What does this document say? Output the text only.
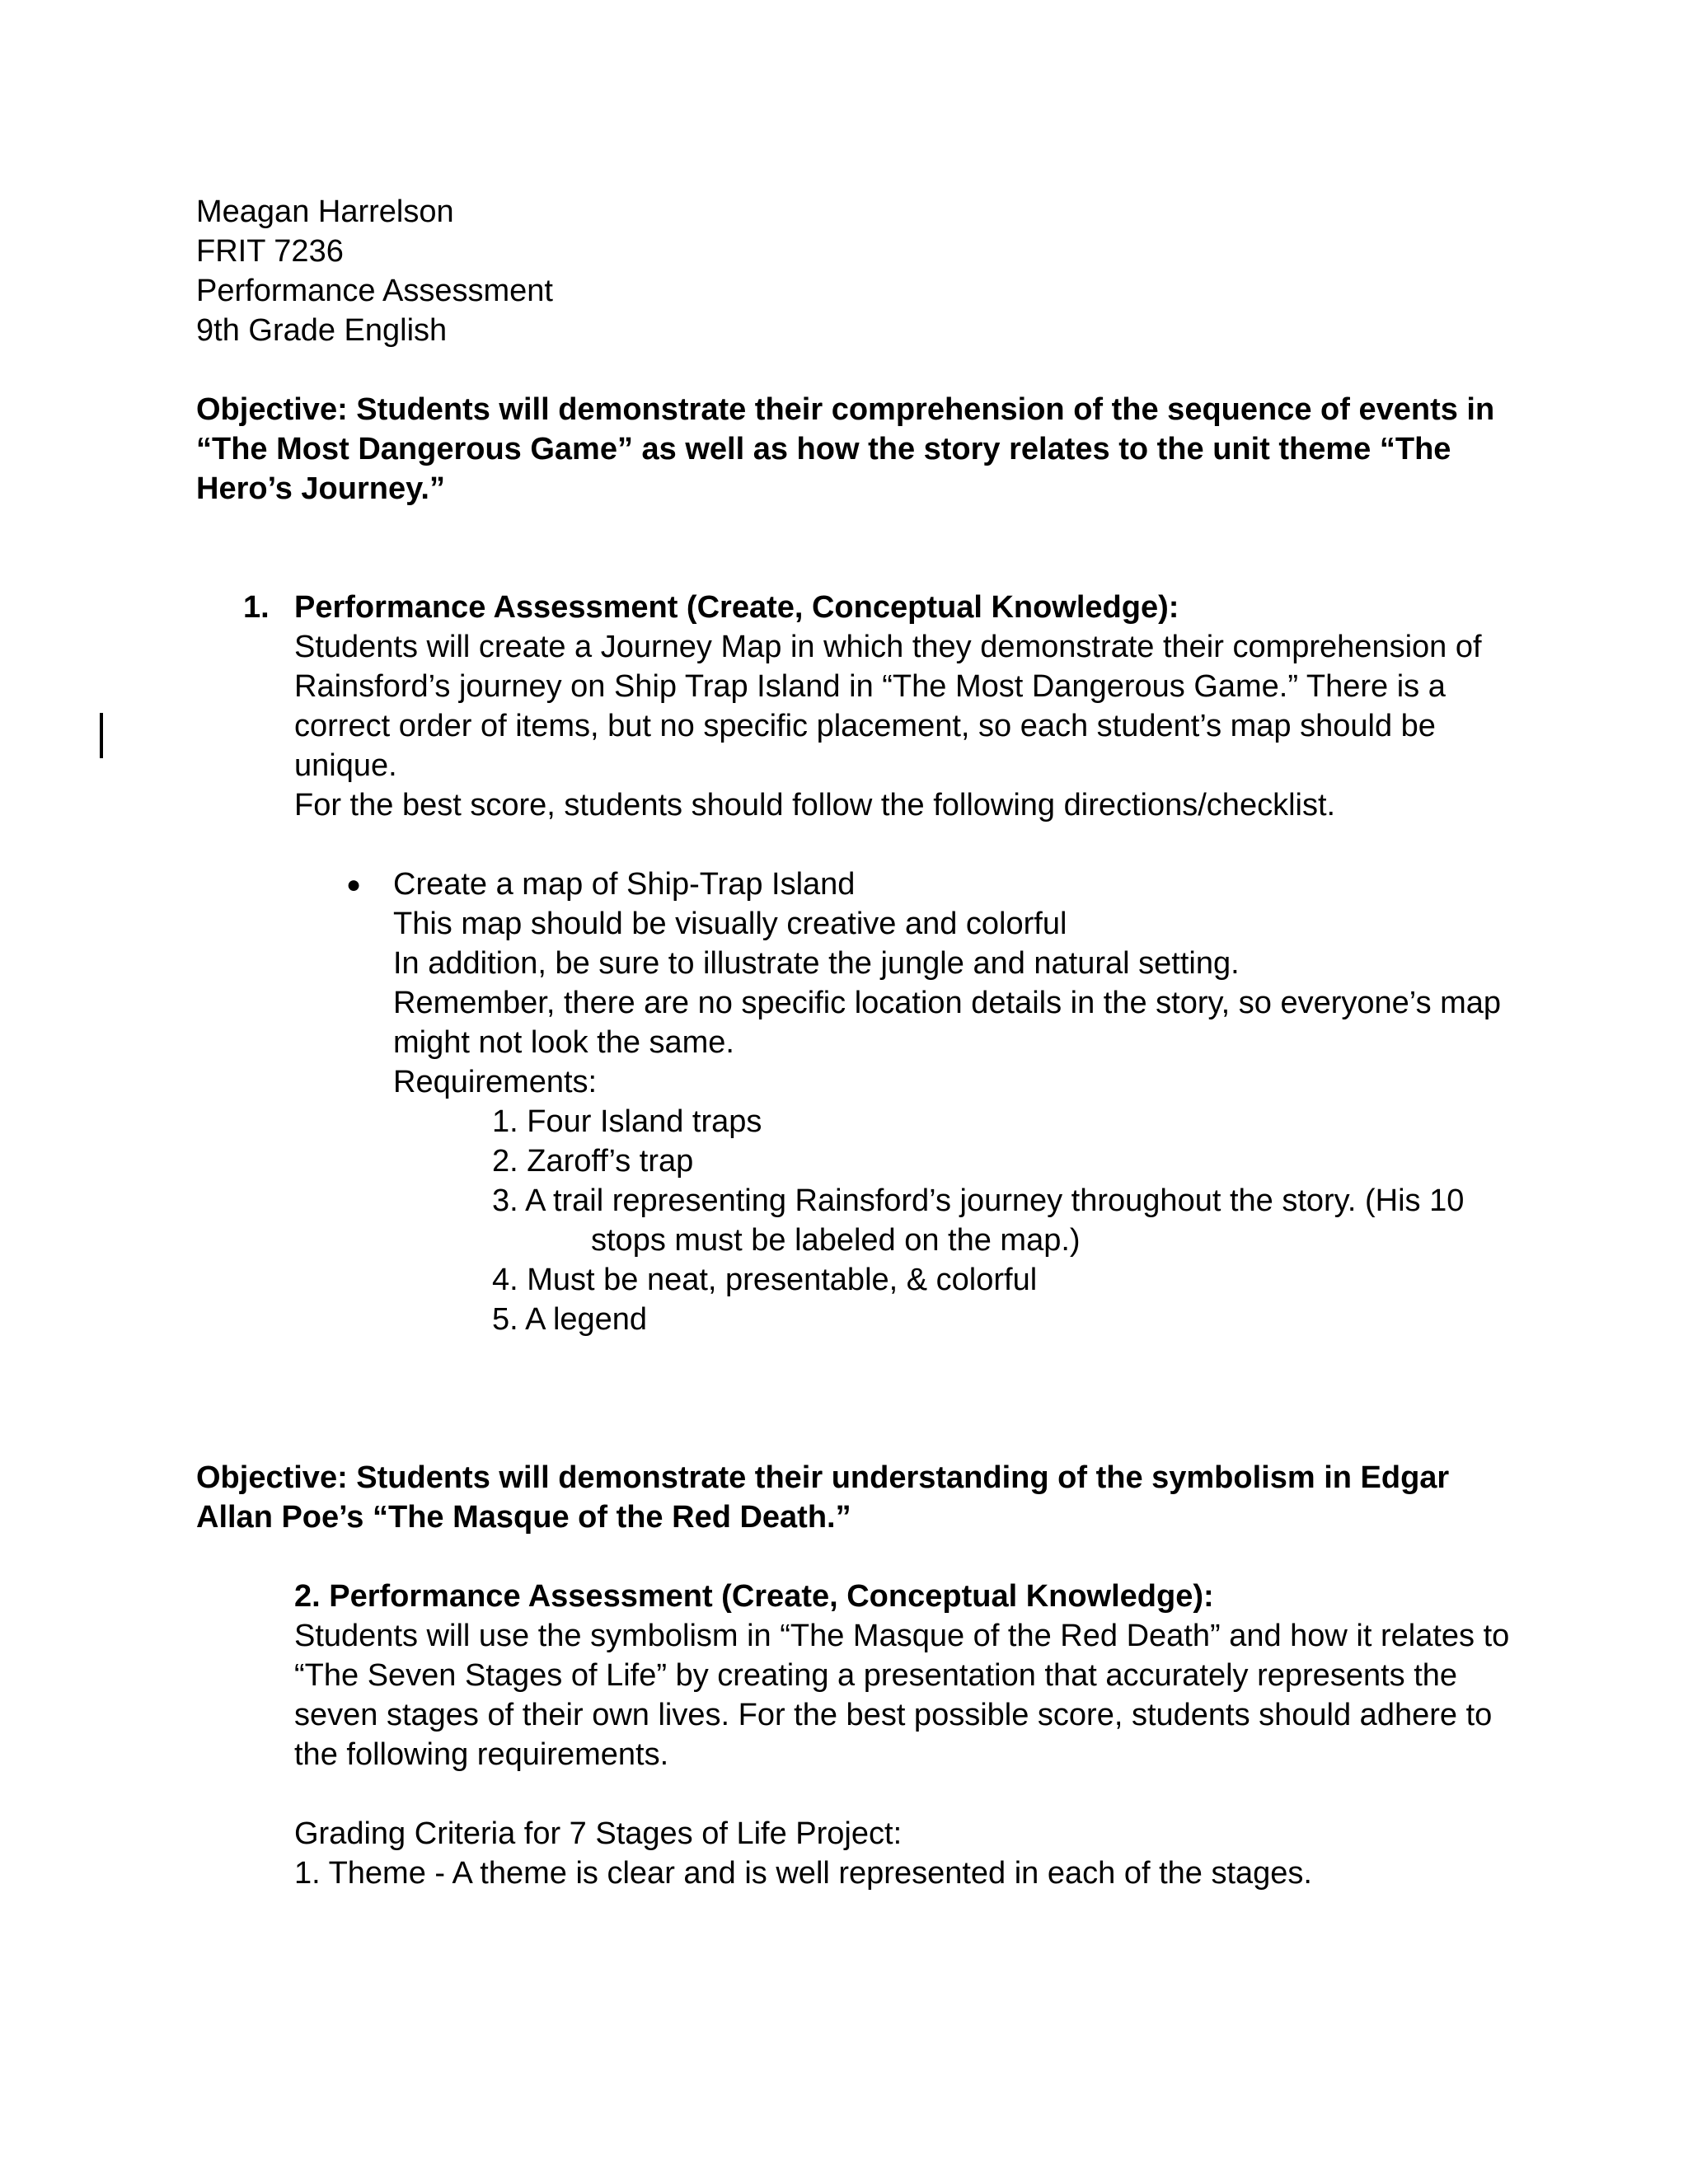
Meagan Harrelson
FRIT 7236
Performance Assessment
9th Grade English
Objective: Students will demonstrate their comprehension of the sequence of events in
“The Most Dangerous Game” as well as how the story relates to the unit theme “The
Hero’s Journey.”
1. Performance Assessment (Create, Conceptual Knowledge):
Students will create a Journey Map in which they demonstrate their comprehension of
Rainsford’s journey on Ship Trap Island in “The Most Dangerous Game.” There is a
correct order of items, but no specific placement, so each student’s map should be
unique.
For the best score, students should follow the following directions/checklist.
● Create a map of Ship-Trap Island
This map should be visually creative and colorful
In addition, be sure to illustrate the jungle and natural setting.
Remember, there are no specific location details in the story, so everyone’s map
might not look the same.
Requirements:
1. Four Island traps
2. Zaroff’s trap
3. A trail representing Rainsford’s journey throughout the story. (His 10
stops must be labeled on the map.)
4. Must be neat, presentable, & colorful
5. A legend
Objective: Students will demonstrate their understanding of the symbolism in Edgar
Allan Poe’s “The Masque of the Red Death.”
2. Performance Assessment (Create, Conceptual Knowledge):
Students will use the symbolism in “The Masque of the Red Death” and how it relates to
“The Seven Stages of Life” by creating a presentation that accurately represents the
seven stages of their own lives. For the best possible score, students should adhere to
the following requirements.
Grading Criteria for 7 Stages of Life Project:
1. Theme - A theme is clear and is well represented in each of the stages.
